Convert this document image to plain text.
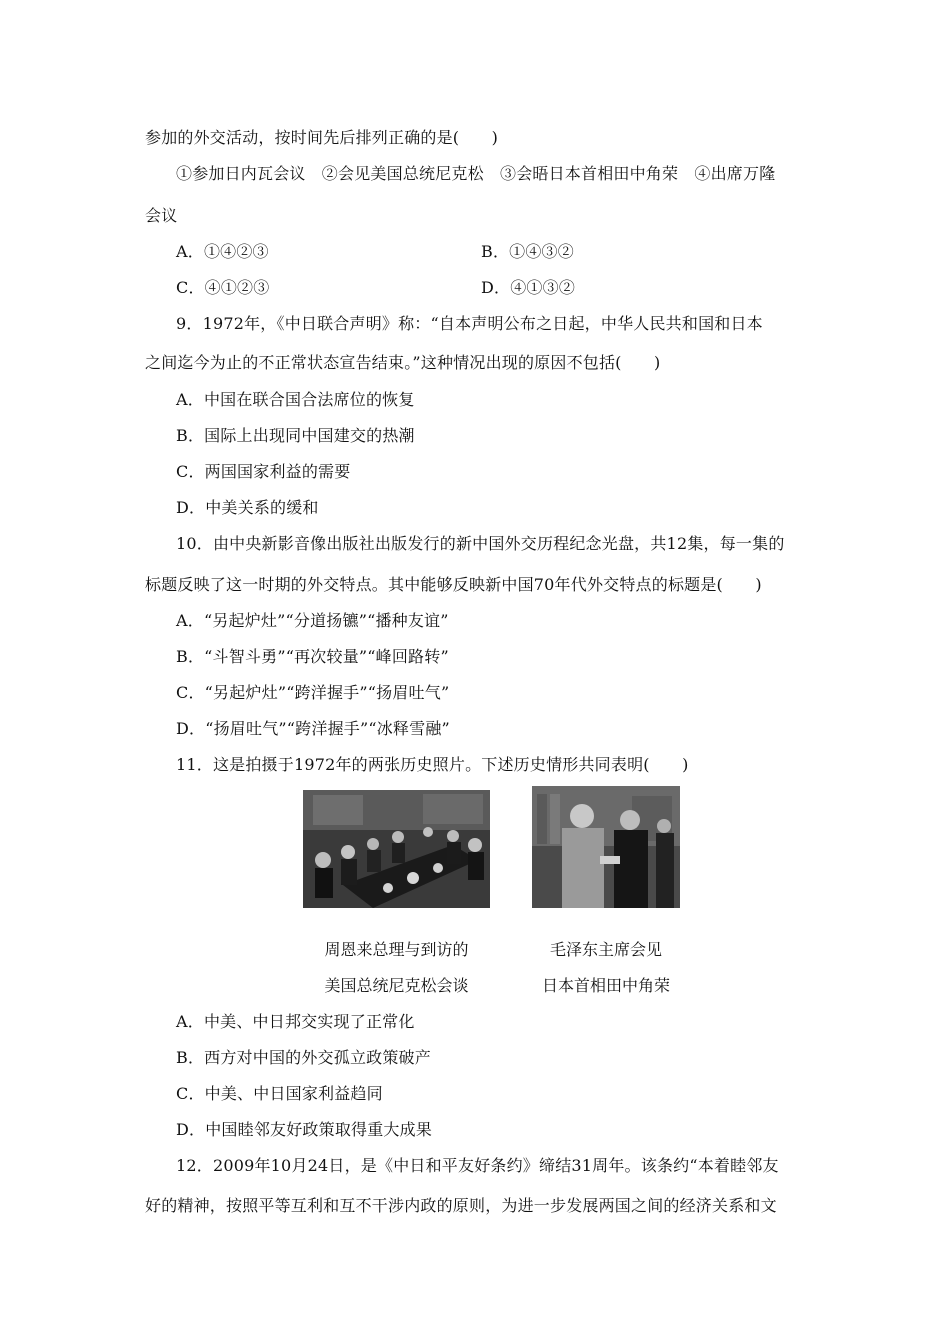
参加的外交活动，按时间先后排列正确的是(　　)
①参加日内瓦会议　②会见美国总统尼克松　③会晤日本首相田中角荣　④出席万隆
会议
A．①④②③	B．①④③②
C．④①②③	D．④①③②
9．1972年，《中日联合声明》称：“自本声明公布之日起，中华人民共和国和日本
之间迄今为止的不正常状态宣告结束。”这种情况出现的原因不包括(　　)
A．中国在联合国合法席位的恢复
B．国际上出现同中国建交的热潮
C．两国国家利益的需要
D．中美关系的缓和
10．由中央新影音像出版社出版发行的新中国外交历程纪念光盘，共12集，每一集的
标题反映了这一时期的外交特点。其中能够反映新中国70年代外交特点的标题是(　　)
A．“另起炉灶”“分道扬镳”“播种友谊”
B．“斗智斗勇”“再次较量”“峰回路转”
C．“另起炉灶”“跨洋握手”“扬眉吐气”
D．“扬眉吐气”“跨洋握手”“冰释雪融”
11．这是拍摄于1972年的两张历史照片。下述历史情形共同表明(　　)
周恩来总理与到访的
美国总统尼克松会谈
毛泽东主席会见
日本首相田中角荣
A．中美、中日邦交实现了正常化
B．西方对中国的外交孤立政策破产
C．中美、中日国家利益趋同
D．中国睦邻友好政策取得重大成果
12．2009年10月24日，是《中日和平友好条约》缔结31周年。该条约“本着睦邻友
好的精神，按照平等互利和互不干涉内政的原则，为进一步发展两国之间的经济关系和文
